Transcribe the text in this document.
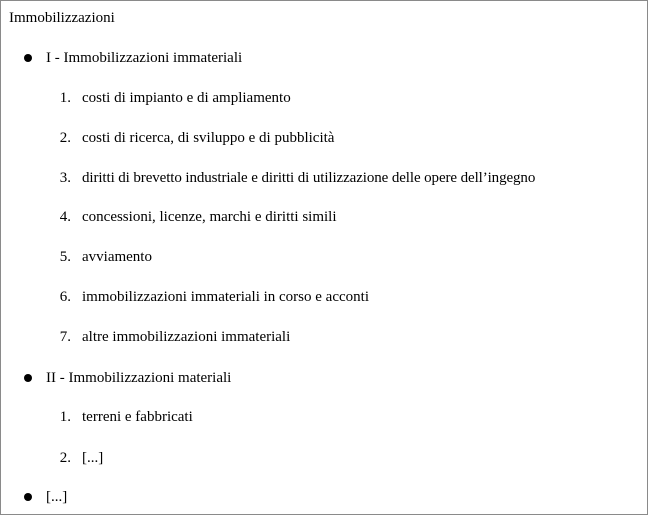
Immobilizzazioni
I - Immobilizzazioni immateriali
1. costi di impianto e di ampliamento
2. costi di ricerca, di sviluppo e di pubblicità
3. diritti di brevetto industriale e diritti di utilizzazione delle opere dell’ingegno
4. concessioni, licenze, marchi e diritti simili
5. avviamento
6. immobilizzazioni immateriali in corso e acconti
7. altre immobilizzazioni immateriali
II - Immobilizzazioni materiali
1. terreni e fabbricati
2. [...]
[...]
